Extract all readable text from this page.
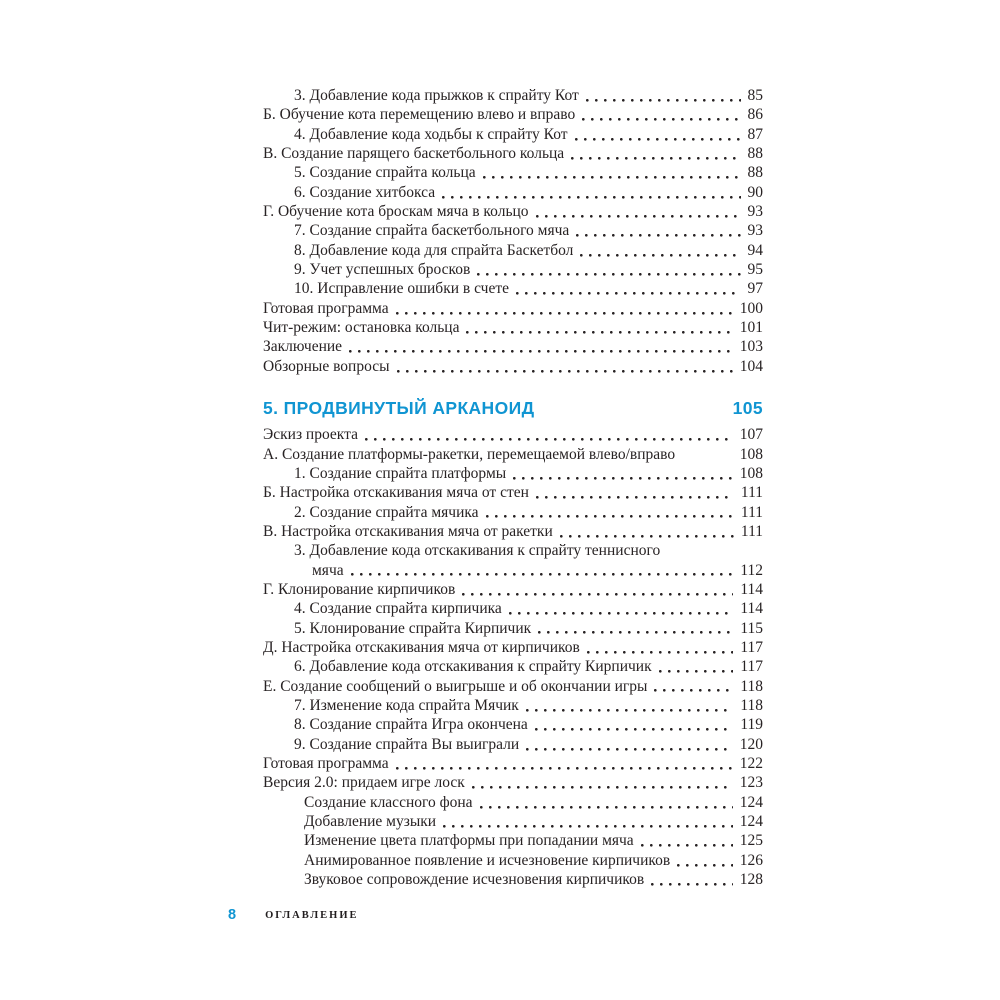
3. Добавление кода прыжков к спрайту Кот	85
Б. Обучение кота перемещению влево и вправо	86
4. Добавление кода ходьбы к спрайту Кот	87
В. Создание парящего баскетбольного кольца	88
5. Создание спрайта кольца	88
6. Создание хитбокса	90
Г. Обучение кота броскам мяча в кольцо	93
7. Создание спрайта баскетбольного мяча	93
8. Добавление кода для спрайта Баскетбол	94
9. Учет успешных бросков	95
10. Исправление ошибки в счете	97
Готовая программа	100
Чит-режим: остановка кольца	101
Заключение	103
Обзорные вопросы	104
5. ПРОДВИНУТЫЙ АРКАНОИД	105
Эскиз проекта	107
А. Создание платформы-ракетки, перемещаемой влево/вправо	108
1. Создание спрайта платформы	108
Б. Настройка отскакивания мяча от стен	111
2. Создание спрайта мячика	111
В. Настройка отскакивания мяча от ракетки	111
3. Добавление кода отскакивания к спрайту теннисного
мяча	112
Г. Клонирование кирпичиков	114
4. Создание спрайта кирпичика	114
5. Клонирование спрайта Кирпичик	115
Д. Настройка отскакивания мяча от кирпичиков	117
6. Добавление кода отскакивания к спрайту Кирпичик	117
Е. Создание сообщений о выигрыше и об окончании игры	118
7. Изменение кода спрайта Мячик	118
8. Создание спрайта Игра окончена	119
9. Создание спрайта Вы выиграли	120
Готовая программа	122
Версия 2.0: придаем игре лоск	123
Создание классного фона	124
Добавление музыки	124
Изменение цвета платформы при попадании мяча	125
Анимированное появление и исчезновение кирпичиков	126
Звуковое сопровождение исчезновения кирпичиков	128
8	ОГЛАВЛЕНИЕ
